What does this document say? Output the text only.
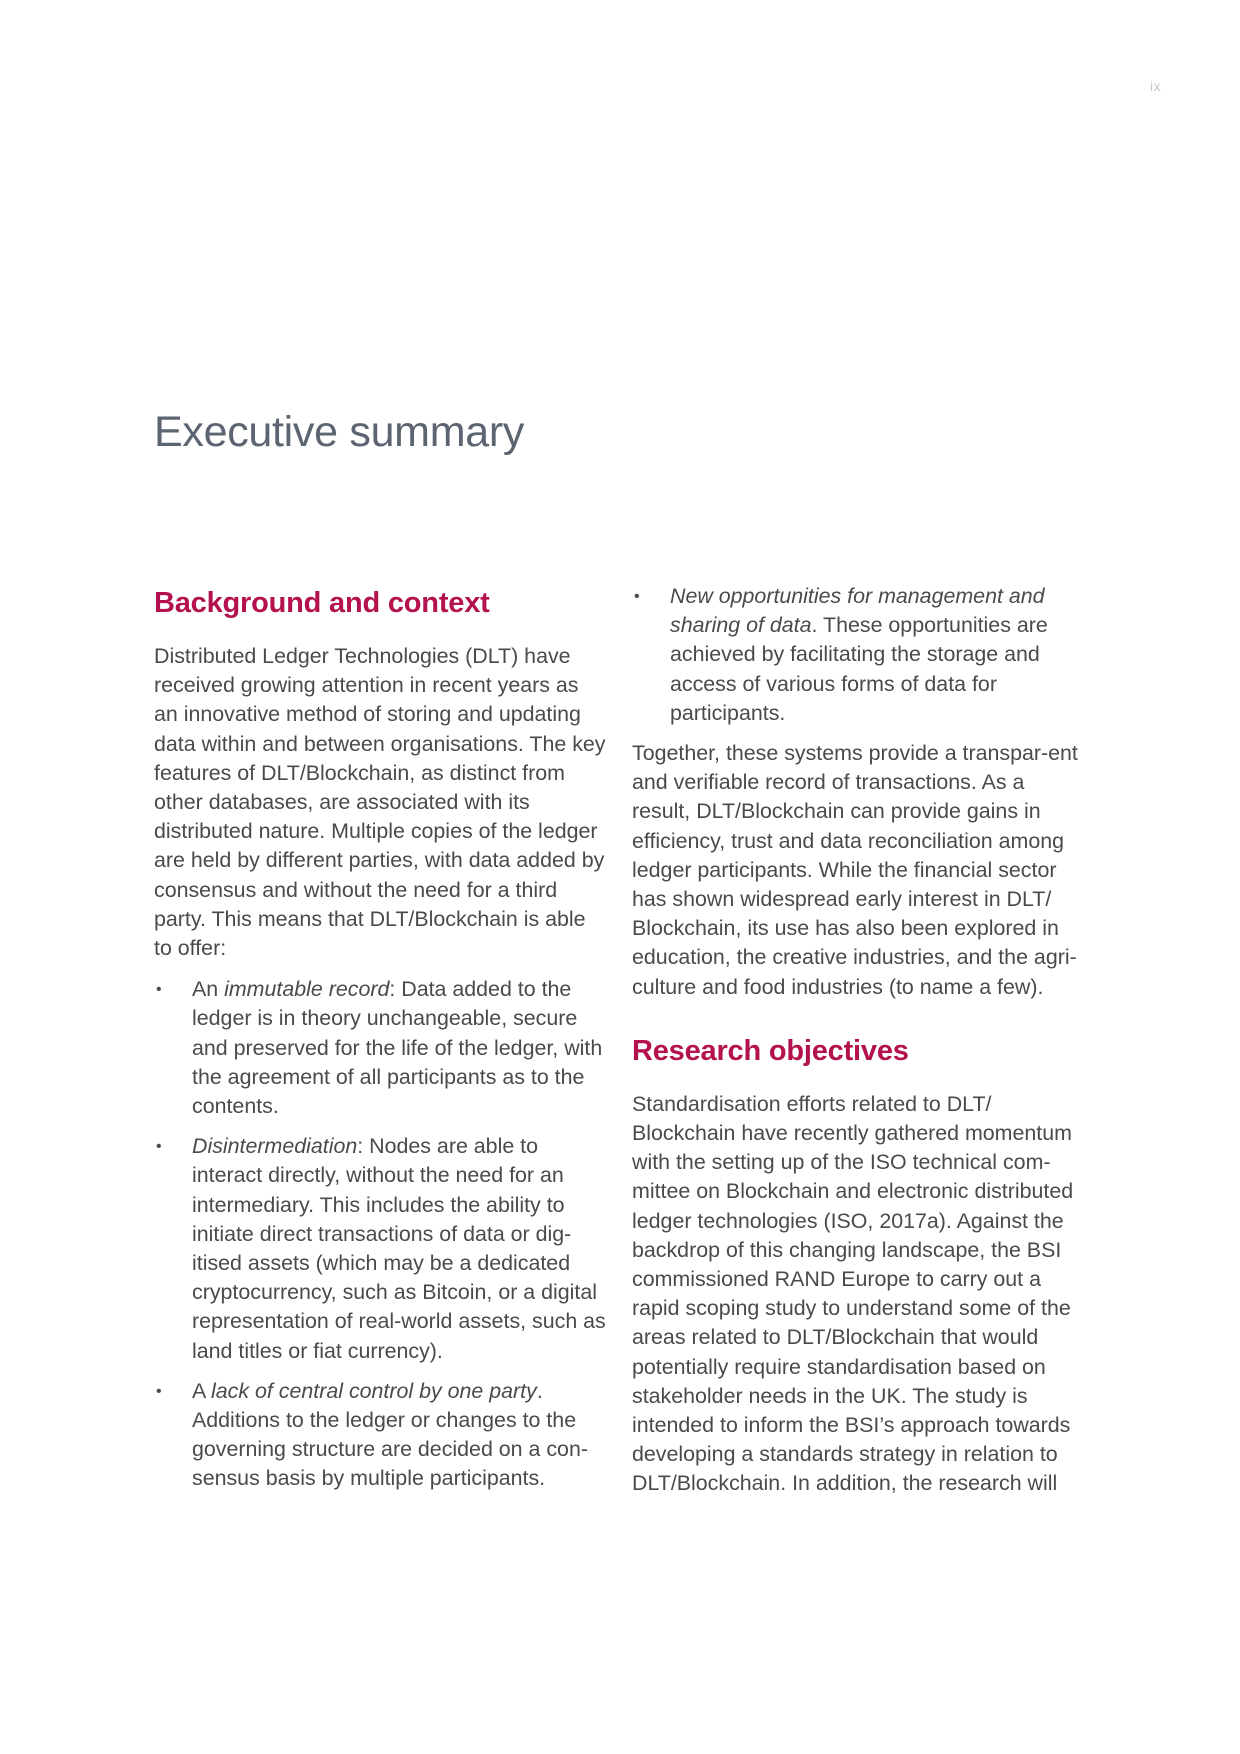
ix
Executive summary
Background and context

Distributed Ledger Technologies (DLT) have received growing attention in recent years as an innovative method of storing and updating data within and between organisations. The key features of DLT/Blockchain, as distinct from other databases, are associated with its distributed nature. Multiple copies of the ledger are held by different parties, with data added by consensus and without the need for a third party. This means that DLT/Blockchain is able to offer:

• An immutable record: Data added to the ledger is in theory unchangeable, secure and preserved for the life of the ledger, with the agreement of all participants as to the contents.
• Disintermediation: Nodes are able to interact directly, without the need for an intermediary. This includes the ability to initiate direct transactions of data or dig-itised assets (which may be a dedicated cryptocurrency, such as Bitcoin, or a digital representation of real-world assets, such as land titles or fiat currency).
• A lack of central control by one party. Additions to the ledger or changes to the governing structure are decided on a con-sensus basis by multiple participants.
• New opportunities for management and sharing of data. These opportunities are achieved by facilitating the storage and access of various forms of data for participants.

Together, these systems provide a transpar-ent and verifiable record of transactions. As a result, DLT/Blockchain can provide gains in efficiency, trust and data reconciliation among ledger participants. While the financial sector has shown widespread early interest in DLT/ Blockchain, its use has also been explored in education, the creative industries, and the agri-culture and food industries (to name a few).

Research objectives

Standardisation efforts related to DLT/ Blockchain have recently gathered momentum with the setting up of the ISO technical com-mittee on Blockchain and electronic distributed ledger technologies (ISO, 2017a). Against the backdrop of this changing landscape, the BSI commissioned RAND Europe to carry out a rapid scoping study to understand some of the areas related to DLT/Blockchain that would potentially require standardisation based on stakeholder needs in the UK. The study is intended to inform the BSI’s approach towards developing a standards strategy in relation to DLT/Blockchain. In addition, the research will
